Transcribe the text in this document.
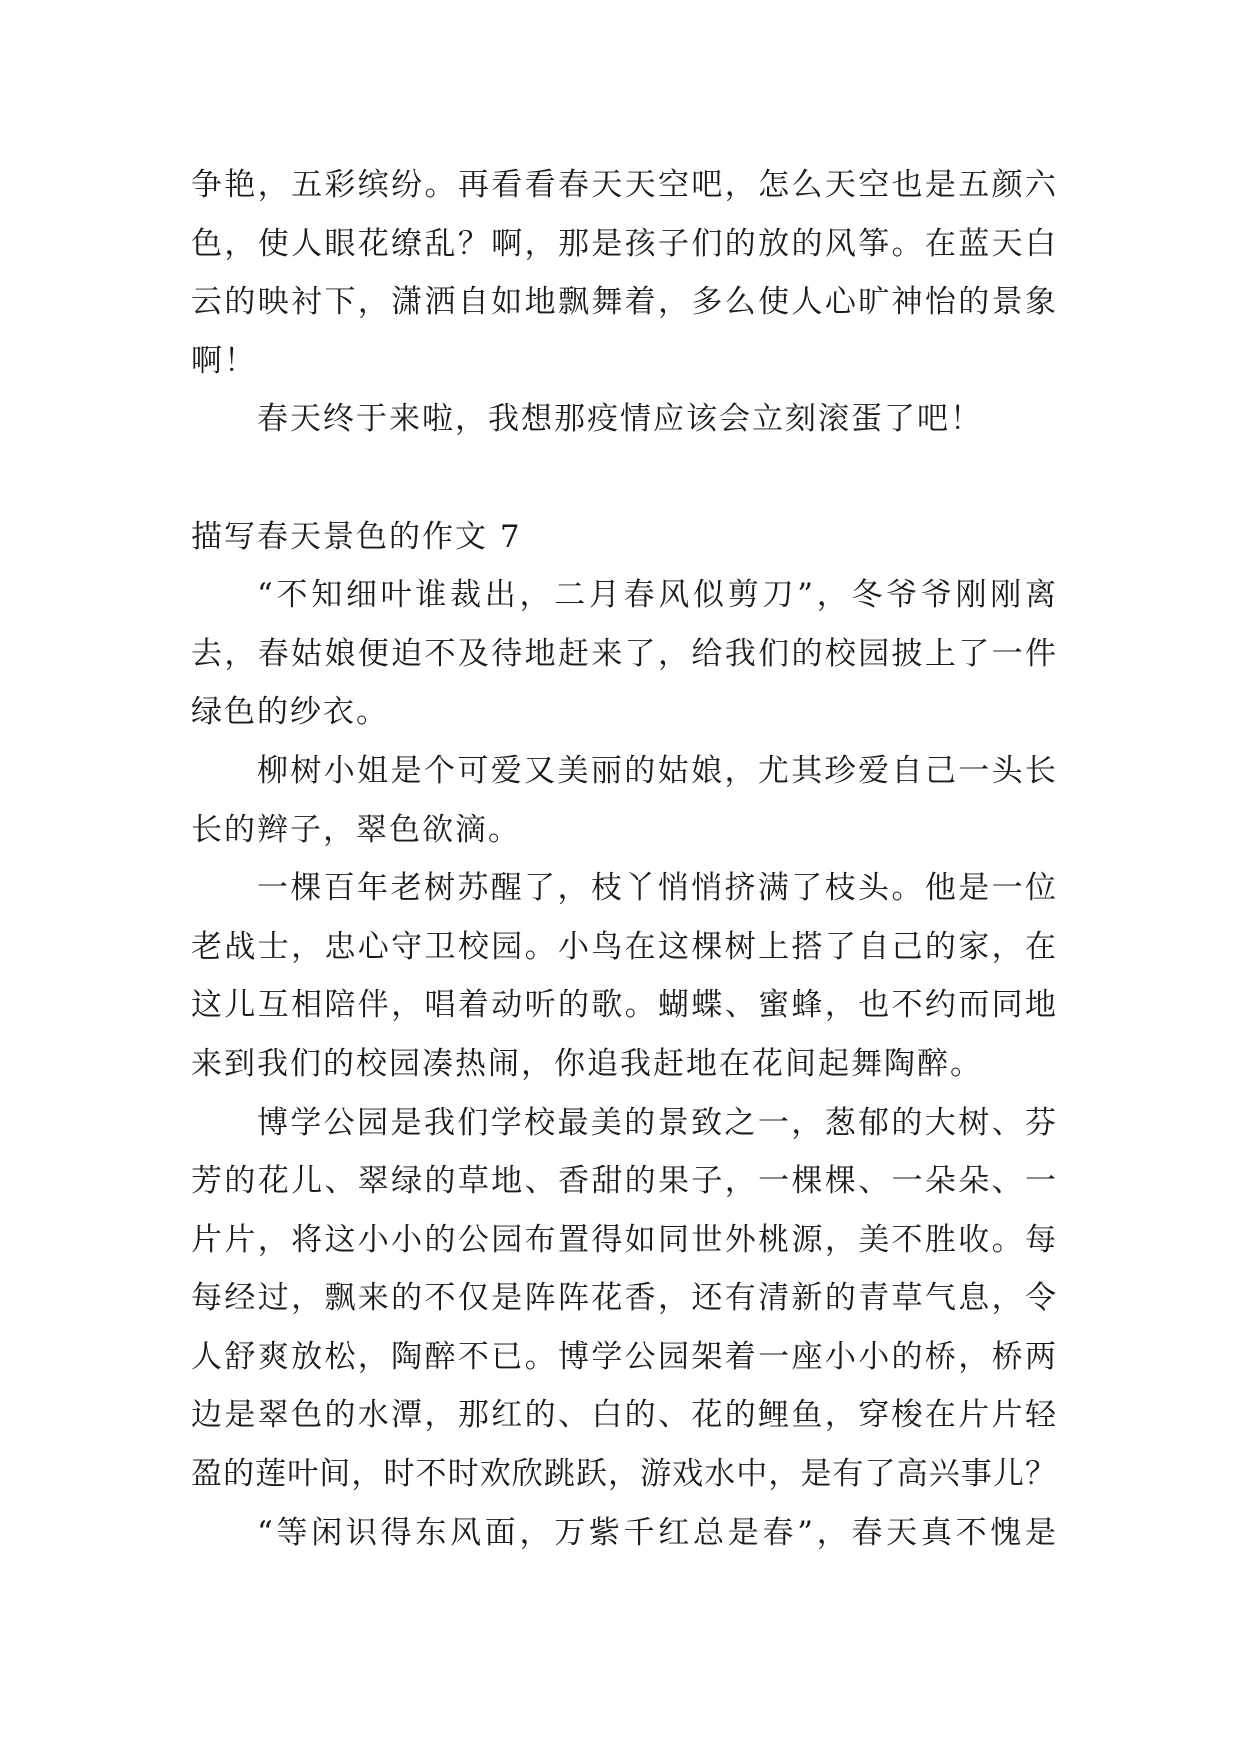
争艳，五彩缤纷。再看看春天天空吧，怎么天空也是五颜六
色，使人眼花缭乱？啊，那是孩子们的放的风筝。在蓝天白
云的映衬下，潇洒自如地飘舞着，多么使人心旷神怡的景象
啊！
春天终于来啦，我想那疫情应该会立刻滚蛋了吧！
描写春天景色的作文 7
“不知细叶谁裁出，二月春风似剪刀”，冬爷爷刚刚离
去，春姑娘便迫不及待地赶来了，给我们的校园披上了一件
绿色的纱衣。
柳树小姐是个可爱又美丽的姑娘，尤其珍爱自己一头长
长的辫子，翠色欲滴。
一棵百年老树苏醒了，枝丫悄悄挤满了枝头。他是一位
老战士，忠心守卫校园。小鸟在这棵树上搭了自己的家，在
这儿互相陪伴，唱着动听的歌。蝴蝶、蜜蜂，也不约而同地
来到我们的校园凑热闹，你追我赶地在花间起舞陶醉。
博学公园是我们学校最美的景致之一，葱郁的大树、芬
芳的花儿、翠绿的草地、香甜的果子，一棵棵、一朵朵、一
片片，将这小小的公园布置得如同世外桃源，美不胜收。每
每经过，飘来的不仅是阵阵花香，还有清新的青草气息，令
人舒爽放松，陶醉不已。博学公园架着一座小小的桥，桥两
边是翠色的水潭，那红的、白的、花的鲤鱼，穿梭在片片轻
盈的莲叶间，时不时欢欣跳跃，游戏水中，是有了高兴事儿？
“等闲识得东风面，万紫千红总是春”，春天真不愧是
